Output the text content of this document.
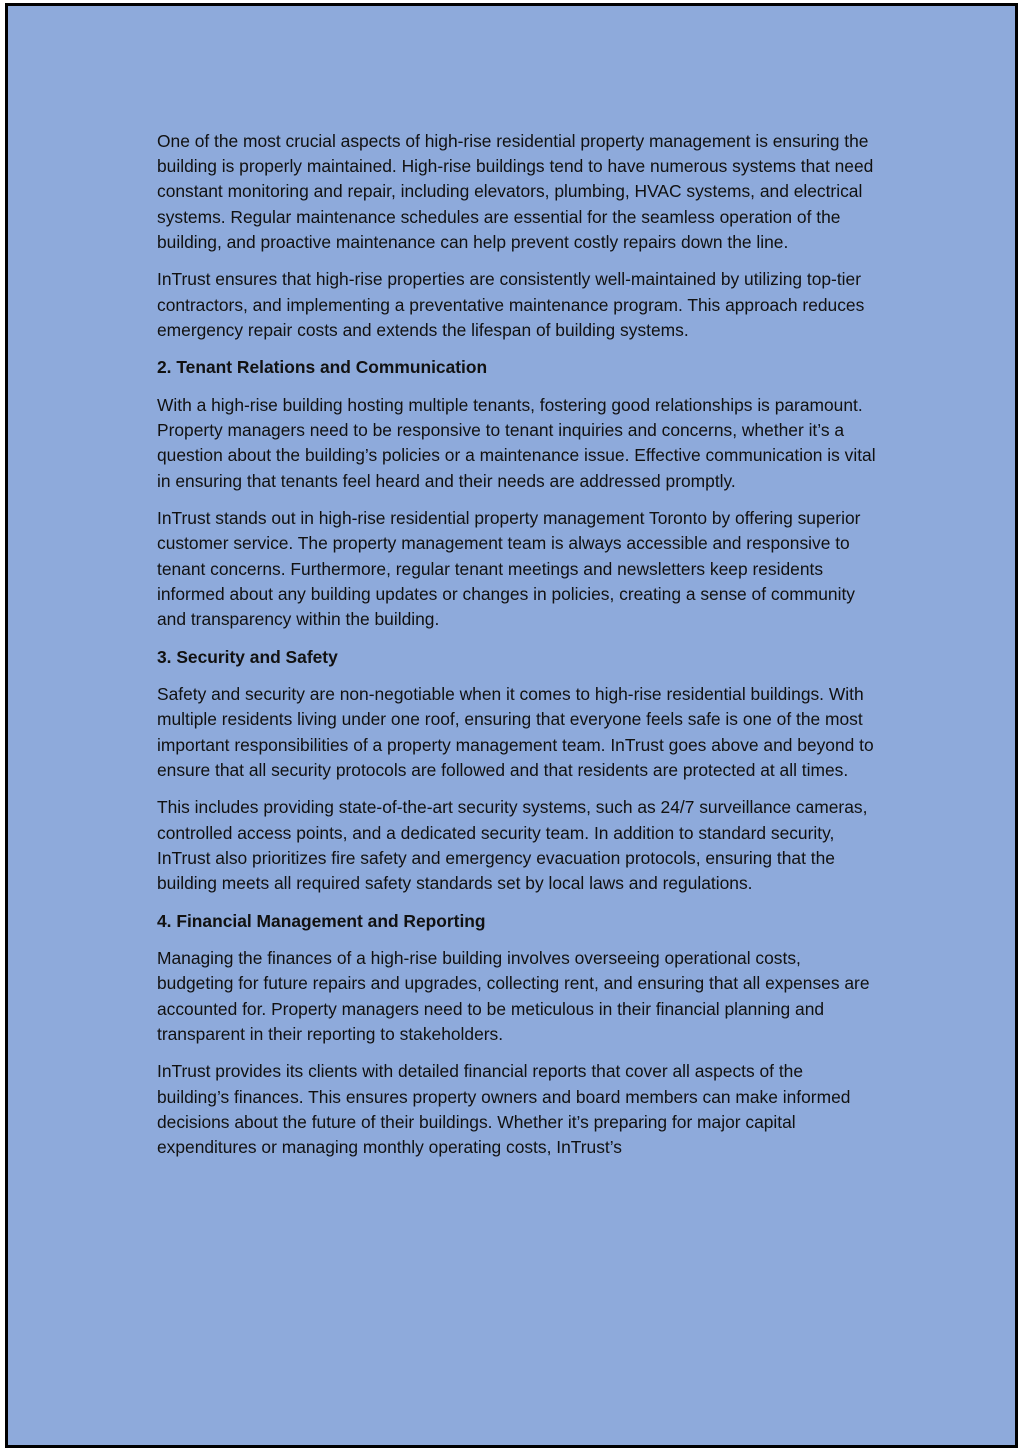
One of the most crucial aspects of high-rise residential property management is ensuring the building is properly maintained. High-rise buildings tend to have numerous systems that need constant monitoring and repair, including elevators, plumbing, HVAC systems, and electrical systems. Regular maintenance schedules are essential for the seamless operation of the building, and proactive maintenance can help prevent costly repairs down the line.

InTrust ensures that high-rise properties are consistently well-maintained by utilizing top-tier contractors, and implementing a preventative maintenance program. This approach reduces emergency repair costs and extends the lifespan of building systems.

2. Tenant Relations and Communication

With a high-rise building hosting multiple tenants, fostering good relationships is paramount. Property managers need to be responsive to tenant inquiries and concerns, whether it’s a question about the building’s policies or a maintenance issue. Effective communication is vital in ensuring that tenants feel heard and their needs are addressed promptly.

InTrust stands out in high-rise residential property management Toronto by offering superior customer service. The property management team is always accessible and responsive to tenant concerns. Furthermore, regular tenant meetings and newsletters keep residents informed about any building updates or changes in policies, creating a sense of community and transparency within the building.

3. Security and Safety

Safety and security are non-negotiable when it comes to high-rise residential buildings. With multiple residents living under one roof, ensuring that everyone feels safe is one of the most important responsibilities of a property management team. InTrust goes above and beyond to ensure that all security protocols are followed and that residents are protected at all times.

This includes providing state-of-the-art security systems, such as 24/7 surveillance cameras, controlled access points, and a dedicated security team. In addition to standard security, InTrust also prioritizes fire safety and emergency evacuation protocols, ensuring that the building meets all required safety standards set by local laws and regulations.

4. Financial Management and Reporting

Managing the finances of a high-rise building involves overseeing operational costs, budgeting for future repairs and upgrades, collecting rent, and ensuring that all expenses are accounted for. Property managers need to be meticulous in their financial planning and transparent in their reporting to stakeholders.

InTrust provides its clients with detailed financial reports that cover all aspects of the building’s finances. This ensures property owners and board members can make informed decisions about the future of their buildings. Whether it’s preparing for major capital expenditures or managing monthly operating costs, InTrust’s
